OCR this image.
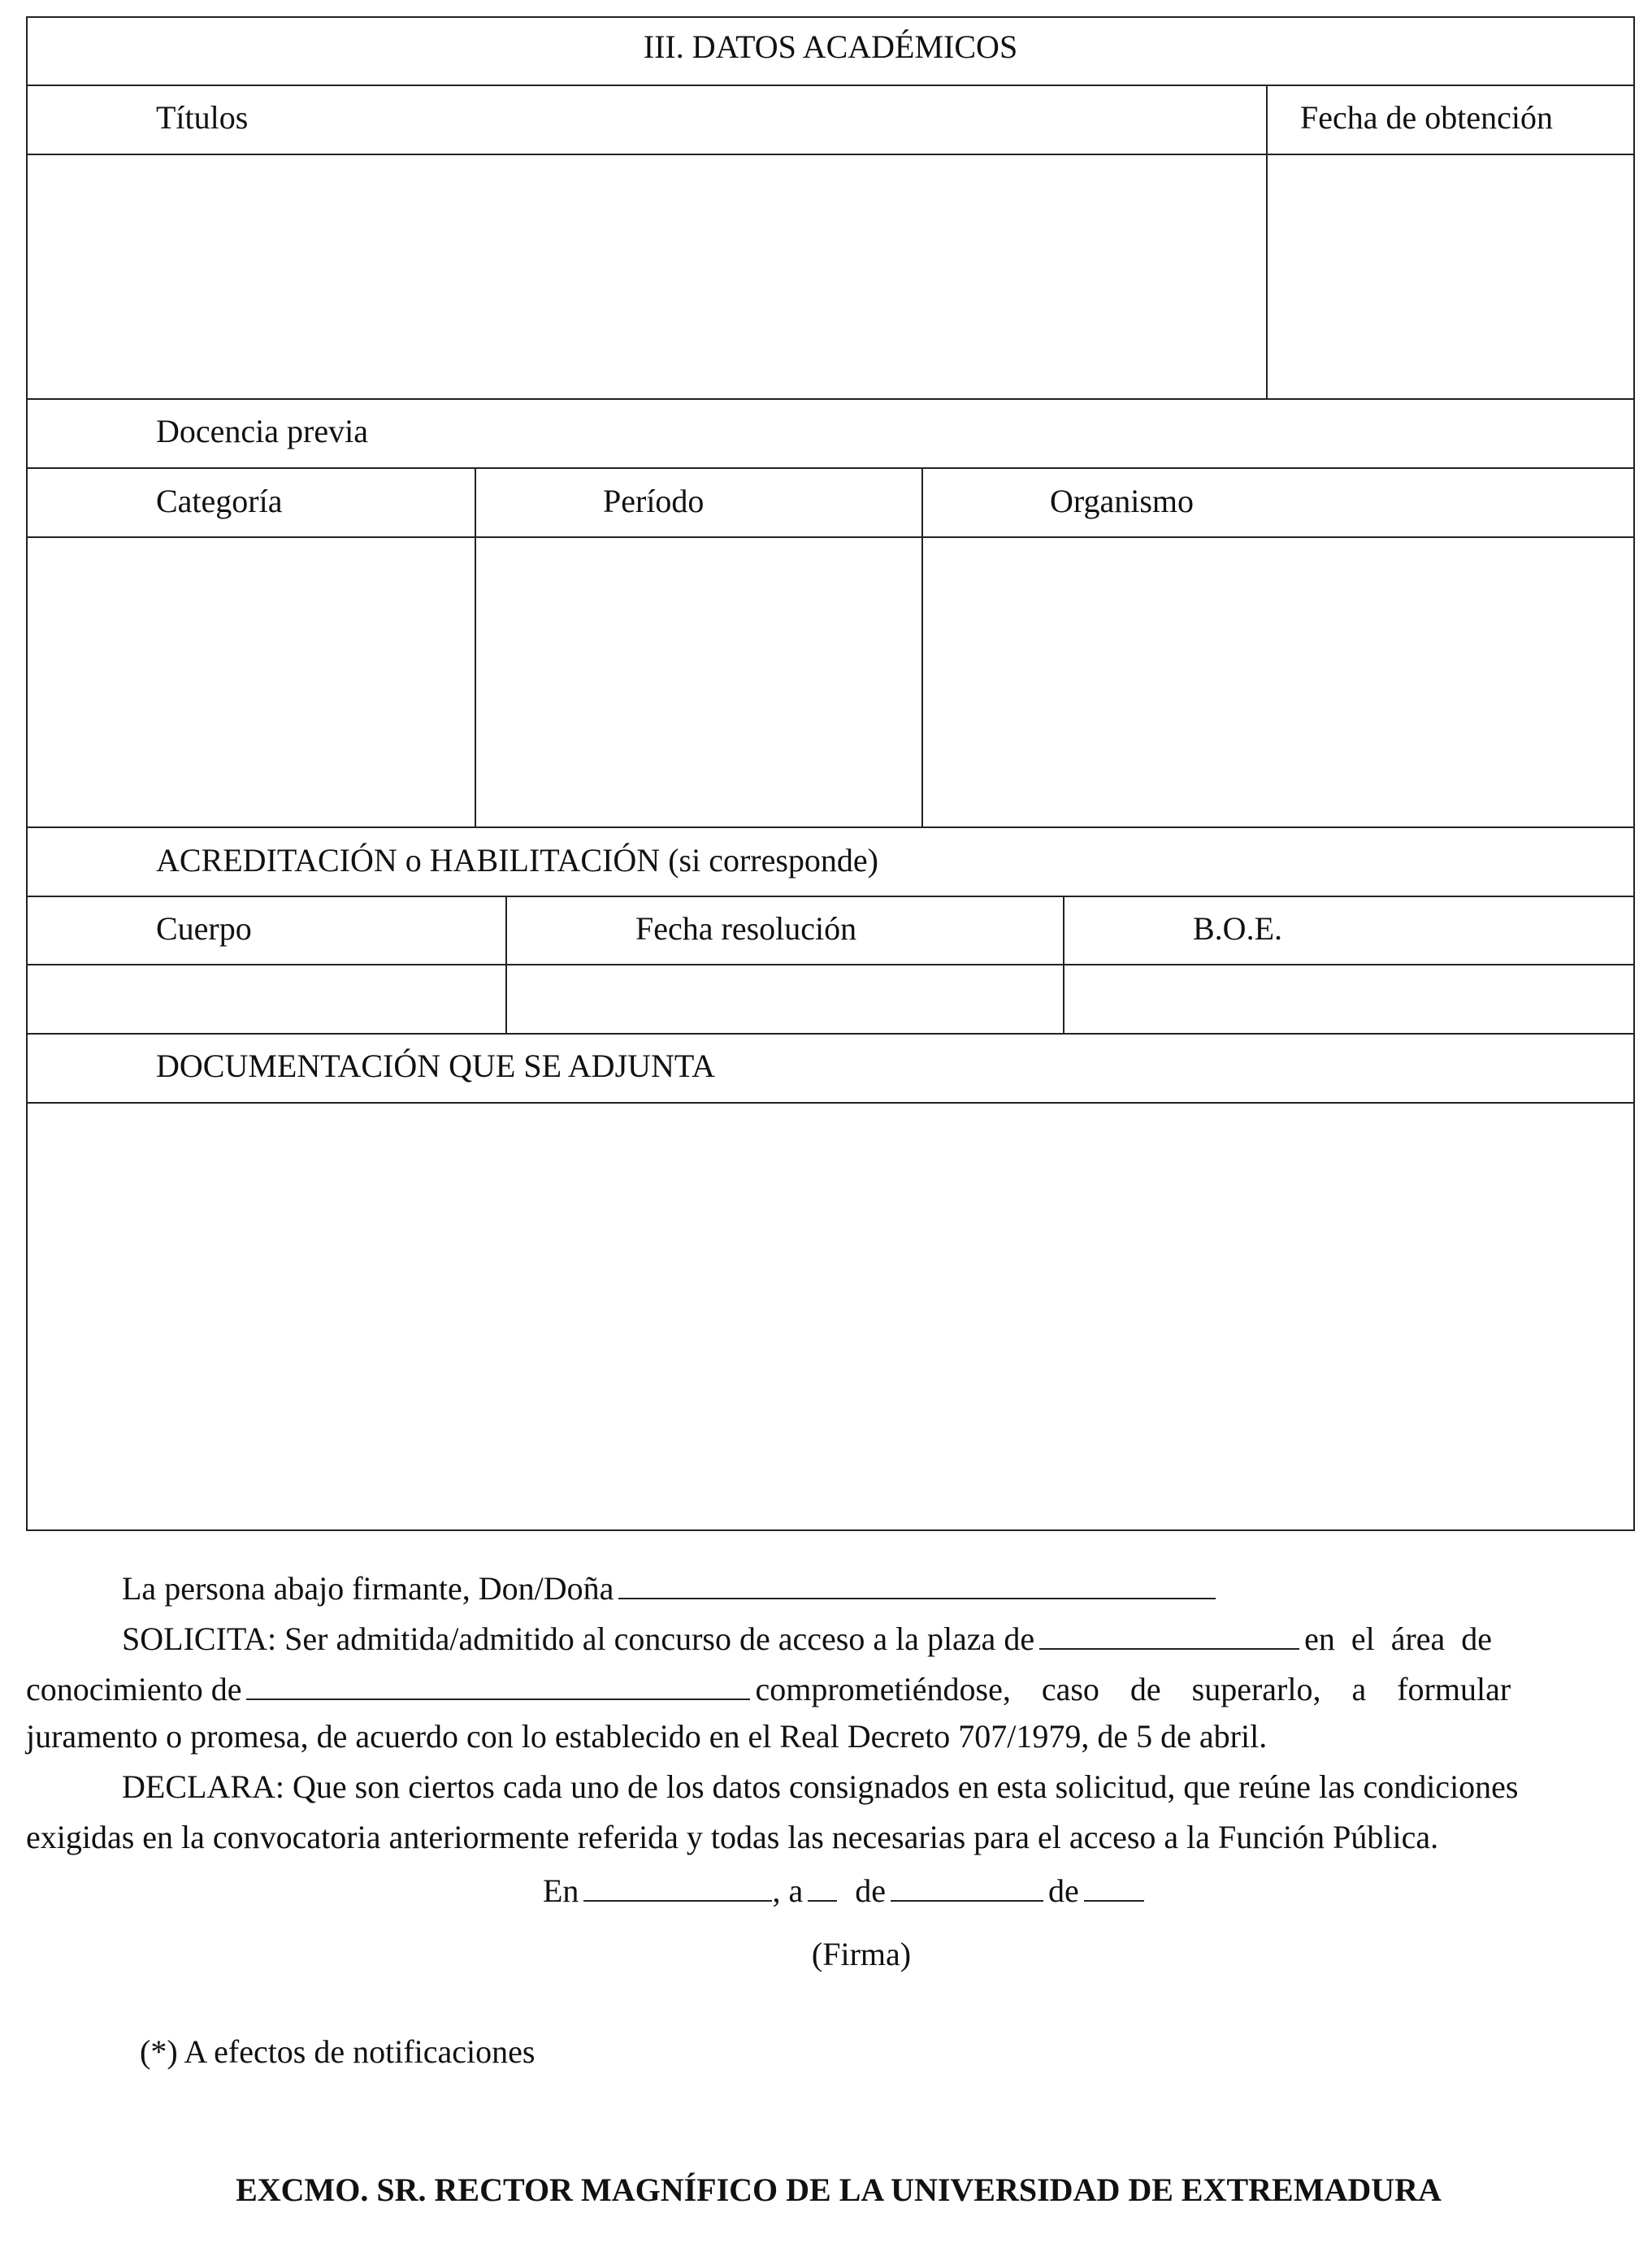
III. DATOS ACADÉMICOS
Títulos	Fecha de obtención
Docencia previa
Categoría	Período	Organismo
ACREDITACIÓN o HABILITACIÓN (si corresponde)
Cuerpo	Fecha resolución	B.O.E.
DOCUMENTACIÓN QUE SE ADJUNTA
La persona abajo firmante, Don/Doña
SOLICITA: Ser admitida/admitido al concurso de acceso a la plaza de	en el área de
conocimiento de	comprometiéndose, caso de superarlo, a formular
juramento o promesa, de acuerdo con lo establecido en el Real Decreto 707/1979, de 5 de abril.
DECLARA: Que son ciertos cada uno de los datos consignados en esta solicitud, que reúne las condiciones
exigidas en la convocatoria anteriormente referida y todas las necesarias para el acceso a la Función Pública.
En	, a de	de
(Firma)
(*) A efectos de notificaciones
EXCMO. SR. RECTOR MAGNÍFICO DE LA UNIVERSIDAD DE EXTREMADURA
